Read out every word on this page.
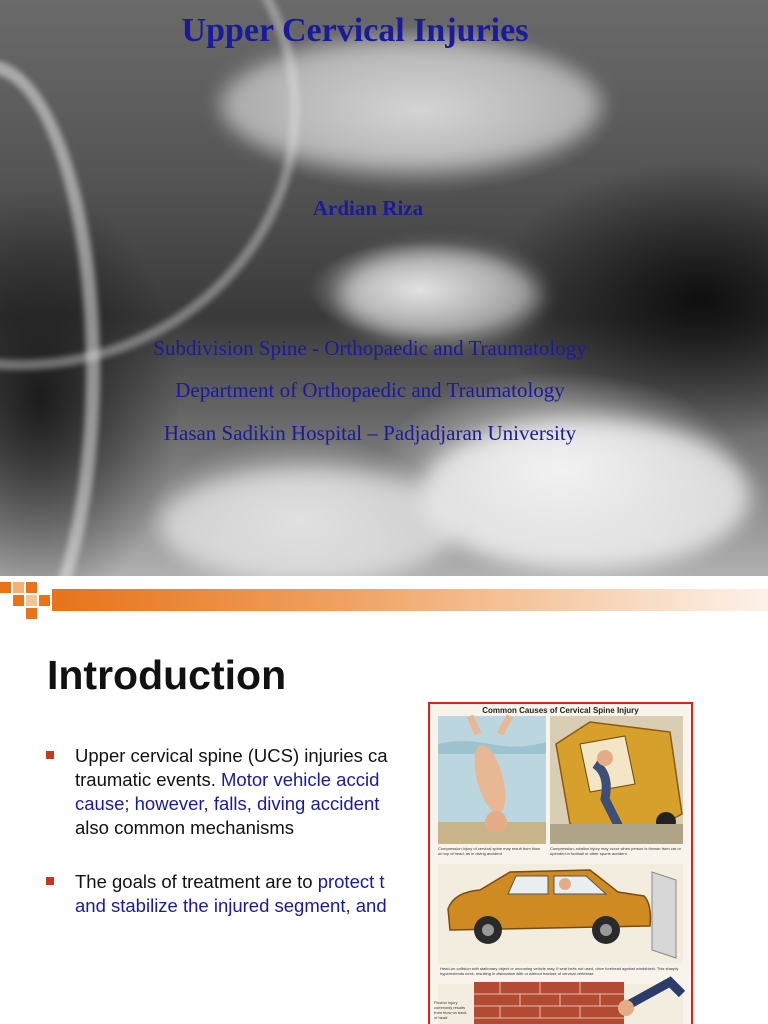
Upper Cervical Injuries
Ardian Riza
Subdivision Spine - Orthopaedic and Traumatology
Department of Orthopaedic and Traumatology
Hasan Sadikin Hospital – Padjadjaran University
Introduction
Upper cervical spine (UCS) injuries ca
traumatic events. Motor vehicle accid
cause; however, falls, diving accident
also common mechanisms
The goals of treatment are to protect t
and stabilize the injured segment, and
Common Causes of Cervical Spine Injury
Compression injury of cervical spine may result from blow on top of head, as in diving accident
Compression–rotation injury may occur when person is thrown from car or upended in football or other sports accident
Head-on collision with stationary object or oncoming vehicle may, if seat belts not used, drive forehead against windshield. This sharply hyperextends neck, resulting in dislocation with or without fracture of cervical vertebrae
Flexion injury commonly results from blow on back of head
